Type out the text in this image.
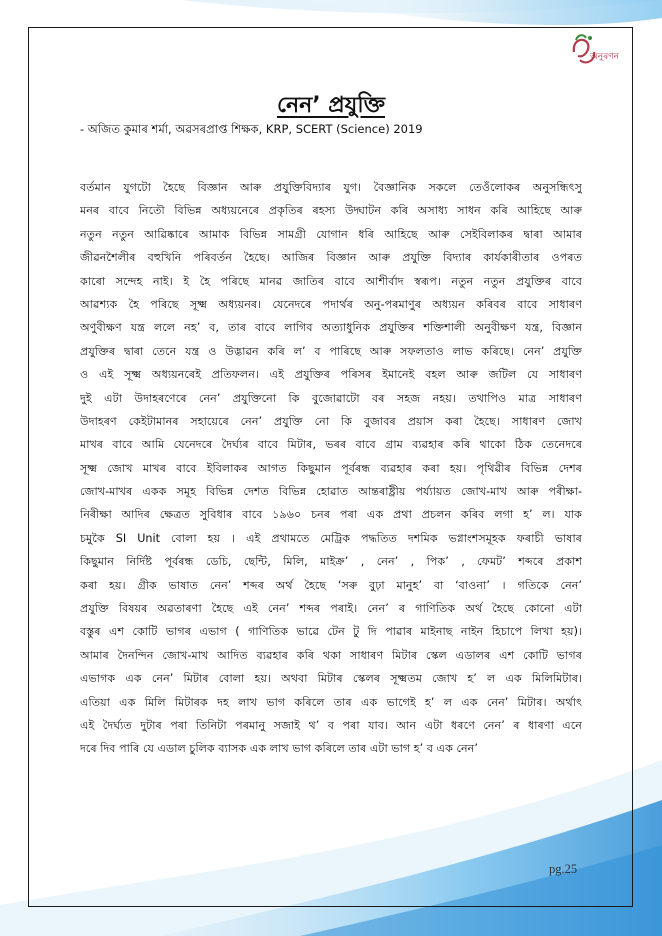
অনুৰণন
নেন’ প্ৰযুক্তি
- অজিত কুমাৰ শৰ্মা, অৱসৰপ্ৰাপ্ত শিক্ষক, KRP, SCERT (Science) 2019
বৰ্তমান যুগটো হৈছে বিজ্ঞান আৰু প্ৰযুক্তিবিদ্যাৰ যুগ। বৈজ্ঞানিক সকলে তেওঁলোকৰ অনুসন্ধিৎসু
মনৰ বাবে নিতৌ বিভিন্ন অধ্যয়নেৰে প্ৰকৃতিৰ ৰহস্য উদ্ঘাটন কৰি অসাধ্য সাধন কৰি আহিছে আৰু
নতুন নতুন আৱিষ্কাৰে আমাক বিভিন্ন সামগ্ৰী যোগান ধৰি আহিছে আৰু সেইবিলাকৰ দ্বাৰা আমাৰ
জীৱনশৈলীৰ বহুখিনি পৰিবৰ্তন হৈছে। আজিৰ বিজ্ঞান আৰু প্ৰযুক্তি বিদ্যাৰ কাৰ্যকাৰীতাৰ ওপৰত
কাৰো সন্দেহ নাই। ই হৈ পৰিছে মানৱ জাতিৰ বাবে আশীৰ্বাদ স্বৰূপ। নতুন নতুন প্ৰযুক্তিৰ বাবে
আৱশ্যক হৈ পৰিছে সূক্ষ্ম অধ্যয়নৰ। যেনেদৰে পদাৰ্থৰ অনু-পৰমাণুৰ অধ্যয়ন কৰিবৰ বাবে সাধাৰণ
অণুবীক্ষণ যন্ত্ৰ ললে নহ’ ব, তাৰ বাবে লাগিব অত্যাধুনিক প্ৰযুক্তিৰ শক্তিশালী অনুবীক্ষণ যন্ত্ৰ, বিজ্ঞান
প্ৰযুক্তিৰ দ্বাৰা তেনে যন্ত্ৰ ও উদ্ভাৱন কৰি ল’ ব পাৰিছে আৰু সফলতাও লাভ কৰিছে। নেন’ প্ৰযুক্তি
ও এই সূক্ষ্ম অধ্যয়নৰেই প্ৰতিফলন। এই প্ৰযুক্তিৰ পৰিসৰ ইমানেই বহল আৰু জটিল যে সাধাৰণ
দুই এটা উদাহৰণেৰে নেন’ প্ৰযুক্তিনো কি বুজোৱাটো বৰ সহজ নহয়। তথাপিও মাত্ৰ সাধাৰণ
উদাহৰণ কেইটামানৰ সহায়েৰে নেন’ প্ৰযুক্তি নো কি বুজাবৰ প্ৰয়াস কৰা হৈছে। সাধাৰণ জোখ
মাখৰ বাবে আমি যেনেদৰে দৈৰ্ঘ্যৰ বাবে মিটাৰ, ভৰৰ বাবে গ্ৰাম ব্যৱহাৰ কৰি থাকো ঠিক তেনেদৰে
সূক্ষ্ম জোখ মাখৰ বাবে ইবিলাকৰ আগত কিছুমান পূৰ্বৰন্ধ ব্যৱহাৰ কৰা হয়। পৃথিৱীৰ বিভিন্ন দেশৰ
জোখ-মাখৰ একক সমূহ বিভিন্ন দেশত বিভিন্ন হোৱাত আন্তৰাষ্ট্ৰীয় পৰ্য্যায়ত জোখ-মাখ আৰু পৰীক্ষা-
নিৰীক্ষা আদিৰ ক্ষেত্ৰত সুবিধাৰ বাবে ১৯৬০ চনৰ পৰা এক প্ৰথা প্ৰচলন কৰিব লগা হ’ ল। যাক
চমুকৈ SI Unit বোলা হয় । এই প্ৰথামতে মেট্ৰিক পদ্ধতিত দশমিক ভগ্নাংশসমূহক ফৰাচী ভাষাৰ
কিছুমান নিৰ্দিষ্ট পূৰ্বৰন্ধ ডেচি, ছেন্টি, মিলি, মাইক্ৰ’ , নেন’ , পিক’ , ফেমট’ শব্দৰে প্ৰকাশ
কৰা হয়। গ্ৰীক ভাষাত নেন’ শব্দৰ অৰ্থ হৈছে ‘সৰু বুঢ়া মানুহ’ বা ‘বাওনা’ । গতিকে নেন’
প্ৰযুক্তি বিষয়ৰ অৱতাৰণা হৈছে এই নেন’ শব্দৰ পৰাই। নেন’ ৰ গাণিতিক অৰ্থ হৈছে কোনো এটা
বস্তুৰ এশ কোটি ভাগৰ এভাগ ( গাণিতিক ভাৱে টেন টু দি পাৱাৰ মাইনাছ নাইন হিচাপে লিখা হয়)।
আমাৰ দৈনন্দিন জোখ-মাখ আদিত ব্যৱহাৰ কৰি থকা সাধাৰণ মিটাৰ স্কেল এডালৰ এশ কোটি ভাগৰ
এভাগক এক নেন’ মিটাৰ বোলা হয়। অথবা মিটাৰ স্কেলৰ সূক্ষ্মতম জোখ হ’ ল এক মিলিমিটাৰ।
এতিয়া এক মিলি মিটাৰক দহ লাখ ভাগ কৰিলে তাৰ এক ভাগেই হ’ ল এক নেন’ মিটাৰ। অৰ্থাৎ
এই দৈৰ্ঘ্যত দুটাৰ পৰা তিনিটা পৰমানু সজাই থ’ ব পৰা যাব। আন এটা ধৰণে নেন’ ৰ ধাৰণা এনে
দৰে দিব পাৰি যে এডাল চুলিক ব্যাসক এক লাখ ভাগ কৰিলে তাৰ এটা ভাগ হ’ ব এক নেন’
pg.25
